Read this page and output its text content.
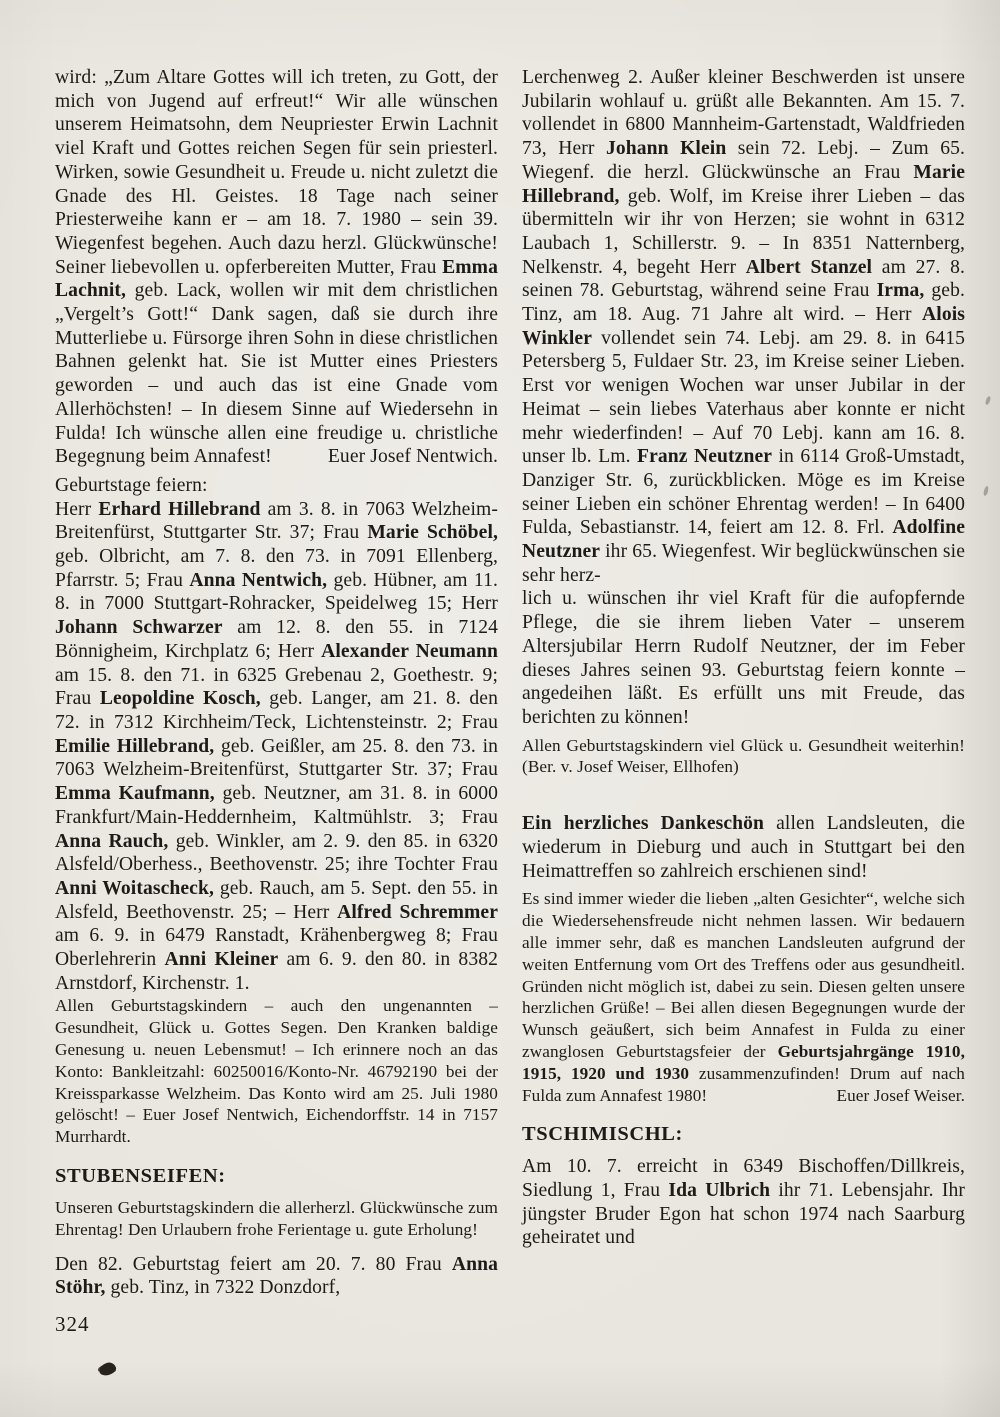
wird: „Zum Altare Gottes will ich treten, zu Gott, der mich von Jugend auf erfreut!“ Wir alle wünschen unserem Heimatsohn, dem Neupriester Erwin Lachnit viel Kraft und Gottes reichen Segen für sein priesterl. Wirken, sowie Gesundheit u. Freude u. nicht zuletzt die Gnade des Hl. Geistes. 18 Tage nach seiner Priesterweihe kann er – am 18. 7. 1980 – sein 39. Wiegenfest begehen. Auch dazu herzl. Glückwünsche! Seiner liebevollen u. opferbereiten Mutter, Frau Emma Lachnit, geb. Lack, wollen wir mit dem christlichen „Vergelt’s Gott!“ Dank sagen, daß sie durch ihre Mutterliebe u. Fürsorge ihren Sohn in diese christlichen Bahnen gelenkt hat. Sie ist Mutter eines Priesters geworden – und auch das ist eine Gnade vom Allerhöchsten! – In diesem Sinne auf Wiedersehn in Fulda! Ich wünsche allen eine freudige u. christliche Begegnung beim Annafest!	Euer Josef Nentwich.

Geburtstage feiern:

Herr Erhard Hillebrand am 3. 8. in 7063 Welzheim-Breitenfürst, Stuttgarter Str. 37; Frau Marie Schöbel, geb. Olbricht, am 7. 8. den 73. in 7091 Ellenberg, Pfarrstr. 5; Frau Anna Nentwich, geb. Hübner, am 11. 8. in 7000 Stuttgart-Rohracker, Speidelweg 15; Herr Johann Schwarzer am 12. 8. den 55. in 7124 Bönnigheim, Kirchplatz 6; Herr Alexander Neumann am 15. 8. den 71. in 6325 Grebenau 2, Goethestr. 9; Frau Leopoldine Kosch, geb. Langer, am 21. 8. den 72. in 7312 Kirchheim/Teck, Lichtensteinstr. 2; Frau Emilie Hillebrand, geb. Geißler, am 25. 8. den 73. in 7063 Welzheim-Breitenfürst, Stuttgarter Str. 37; Frau Emma Kaufmann, geb. Neutzner, am 31. 8. in 6000 Frankfurt/Main-Heddernheim, Kaltmühlstr. 3; Frau Anna Rauch, geb. Winkler, am 2. 9. den 85. in 6320 Alsfeld/Oberhess., Beethovenstr. 25; ihre Tochter Frau Anni Woitascheck, geb. Rauch, am 5. Sept. den 55. in Alsfeld, Beethovenstr. 25; – Herr Alfred Schremmer am 6. 9. in 6479 Ranstadt, Krähenbergweg 8; Frau Oberlehrerin Anni Kleiner am 6. 9. den 80. in 8382 Arnstdorf, Kirchenstr. 1.

Allen Geburtstagskindern – auch den ungenannten – Gesundheit, Glück u. Gottes Segen. Den Kranken baldige Genesung u. neuen Lebensmut! – Ich erinnere noch an das Konto: Bankleitzahl: 60250016/Konto-Nr. 46792190 bei der Kreissparkasse Welzheim. Das Konto wird am 25. Juli 1980 gelöscht! – Euer Josef Nentwich, Eichendorffstr. 14 in 7157 Murrhardt.

STUBENSEIFEN:

Unseren Geburtstagskindern die allerherzl. Glückwünsche zum Ehrentag! Den Urlaubern frohe Ferientage u. gute Erholung!

Den 82. Geburtstag feiert am 20. 7. 80 Frau Anna Stöhr, geb. Tinz, in 7322 Donzdorf,

324

Lerchenweg 2. Außer kleiner Beschwerden ist unsere Jubilarin wohlauf u. grüßt alle Bekannten. Am 15. 7. vollendet in 6800 Mannheim-Gartenstadt, Waldfrieden 73, Herr Johann Klein sein 72. Lebj. – Zum 65. Wiegenf. die herzl. Glückwünsche an Frau Marie Hillebrand, geb. Wolf, im Kreise ihrer Lieben – das übermitteln wir ihr von Herzen; sie wohnt in 6312 Laubach 1, Schillerstr. 9. – In 8351 Natternberg, Nelkenstr. 4, begeht Herr Albert Stanzel am 27. 8. seinen 78. Geburtstag, während seine Frau Irma, geb. Tinz, am 18. Aug. 71 Jahre alt wird. – Herr Alois Winkler vollendet sein 74. Lebj. am 29. 8. in 6415 Petersberg 5, Fuldaer Str. 23, im Kreise seiner Lieben. Erst vor wenigen Wochen war unser Jubilar in der Heimat – sein liebes Vaterhaus aber konnte er nicht mehr wiederfinden! – Auf 70 Lebj. kann am 16. 8. unser lb. Lm. Franz Neutzner in 6114 Groß-Umstadt, Danziger Str. 6, zurückblicken. Möge es im Kreise seiner Lieben ein schöner Ehrentag werden! – In 6400 Fulda, Sebastianstr. 14, feiert am 12. 8. Frl. Adolfine Neutzner ihr 65. Wiegenfest. Wir beglückwünschen sie sehr herz-
lich u. wünschen ihr viel Kraft für die aufopfernde Pflege, die sie ihrem lieben Vater – unserem Altersjubilar Herrn Rudolf Neutzner, der im Feber dieses Jahres seinen 93. Geburtstag feiern konnte – angedeihen läßt. Es erfüllt uns mit Freude, das berichten zu können!

Allen Geburtstagskindern viel Glück u. Gesundheit weiterhin! (Ber. v. Josef Weiser, Ellhofen)

Ein herzliches Dankeschön allen Landsleuten, die wiederum in Dieburg und auch in Stuttgart bei den Heimattreffen so zahlreich erschienen sind!

Es sind immer wieder die lieben „alten Gesichter“, welche sich die Wiedersehensfreude nicht nehmen lassen. Wir bedauern alle immer sehr, daß es manchen Landsleuten aufgrund der weiten Entfernung vom Ort des Treffens oder aus gesundheitl. Gründen nicht möglich ist, dabei zu sein. Diesen gelten unsere herzlichen Grüße! – Bei allen diesen Begegnungen wurde der Wunsch geäußert, sich beim Annafest in Fulda zu einer zwanglosen Geburtstagsfeier der Geburtsjahrgänge 1910, 1915, 1920 und 1930 zusammenzufinden! Drum auf nach Fulda zum Annafest 1980!	Euer Josef Weiser.

TSCHIMISCHL:

Am 10. 7. erreicht in 6349 Bischoffen/Dillkreis, Siedlung 1, Frau Ida Ulbrich ihr 71. Lebensjahr. Ihr jüngster Bruder Egon hat schon 1974 nach Saarburg geheiratet und
